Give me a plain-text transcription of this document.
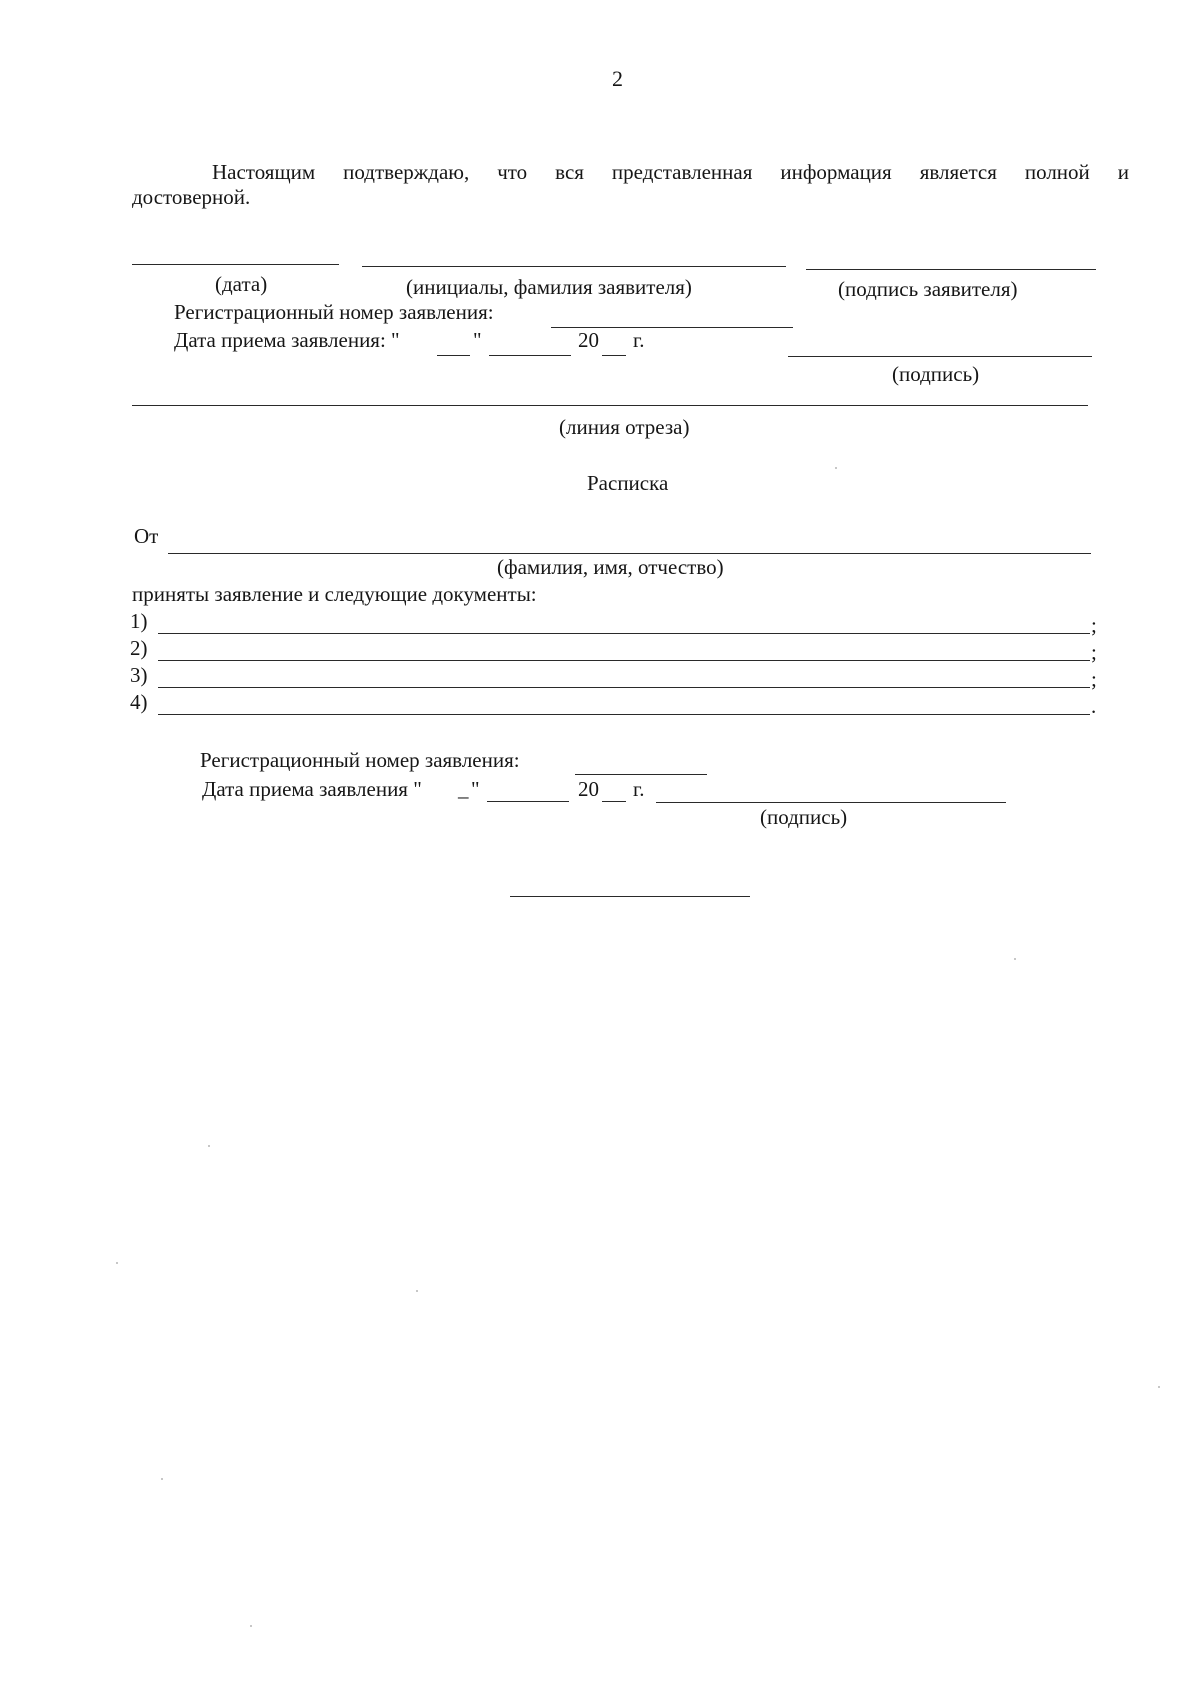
2
Настоящим подтверждаю, что вся представленная информация является полной и
достоверной.
(дата)	(инициалы, фамилия заявителя)	(подпись заявителя)
Регистрационный номер заявления:
Дата приема заявления: "	"	20 г.
(подпись)
(линия отреза)
Расписка
От
(фамилия, имя, отчество)
приняты заявление и следующие документы:
1)	;
2)	;
3)	;
4)	.
Регистрационный номер заявления:
Дата приема заявления " _ "	20 г.
(подпись)
